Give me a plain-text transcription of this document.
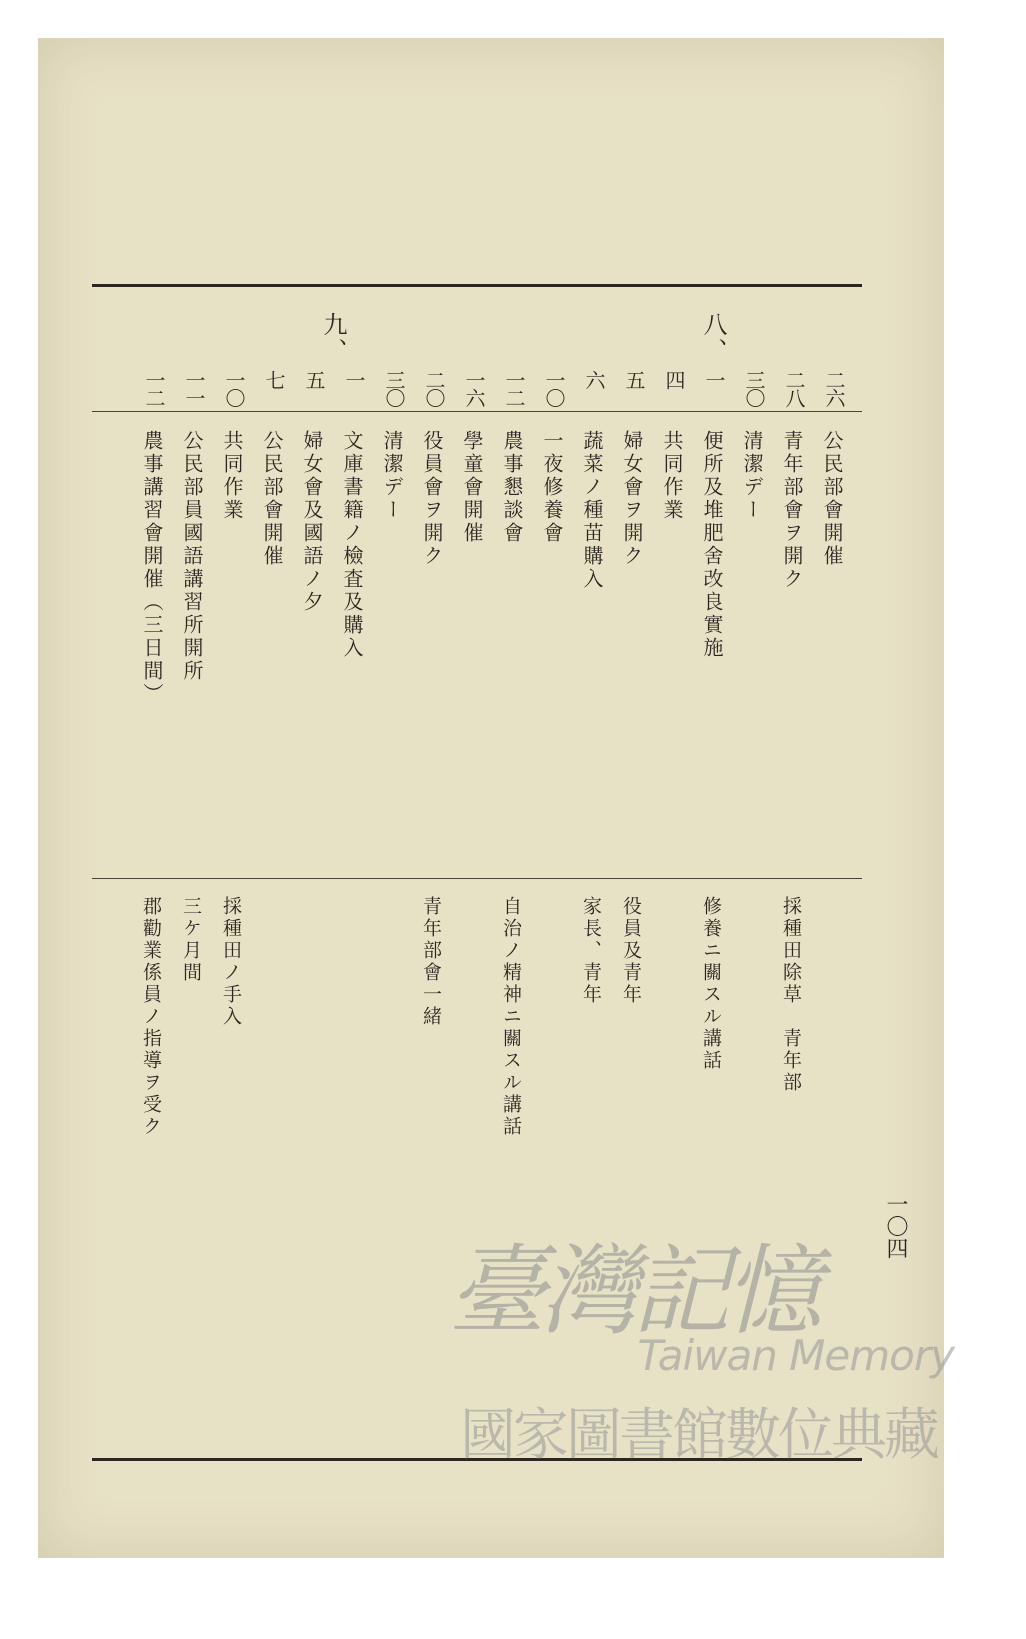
八、
九、
二六
公民部會開催
二八
青年部會ヲ開ク
採種田除草　青年部
三〇
清潔デー
一
便所及堆肥舍改良實施
修養ニ關スル講話
四
共同作業
五
婦女會ヲ開ク
役員及青年
六
蔬菜ノ種苗購入
家長、青年
一〇
一夜修養會
一二
農事懇談會
自治ノ精神ニ關スル講話
一六
學童會開催
二〇
役員會ヲ開ク
青年部會一緒
三〇
清潔デー
一
文庫書籍ノ檢査及購入
五
婦女會及國語ノ夕
七
公民部會開催
一〇
共同作業
採種田ノ手入
一一
公民部員國語講習所開所
三ケ月間
一二
農事講習會開催（三日間）
郡勸業係員ノ指導ヲ受ク
一〇四
臺灣記憶
Taiwan Memory
國家圖書館數位典藏
